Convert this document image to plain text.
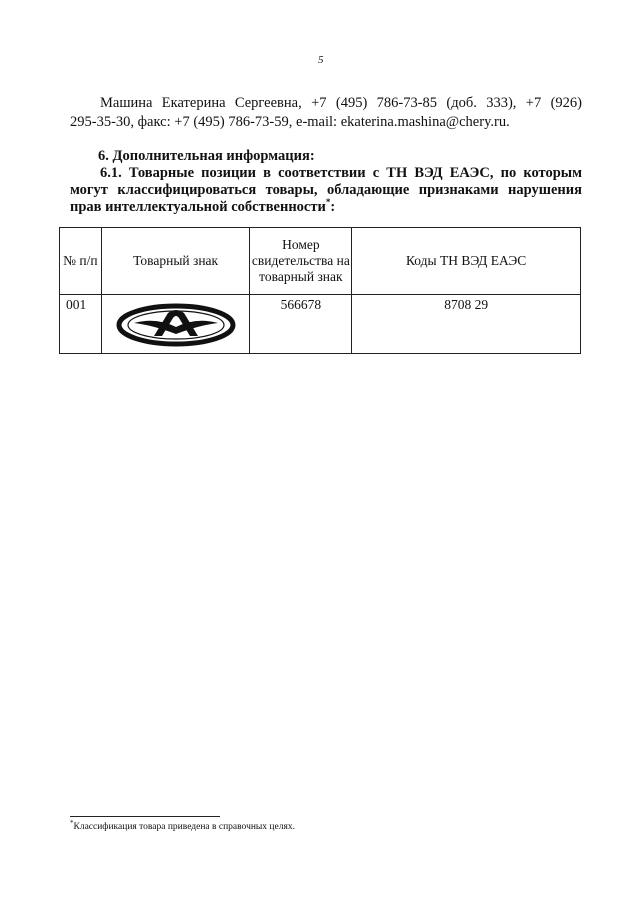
5
Машина Екатерина Сергеевна, +7 (495) 786-73-85 (доб. 333), +7 (926)
295-35-30, факс: +7 (495) 786-73-59, e-mail: ekaterina.mashina@chery.ru.
6. Дополнительная информация:
6.1. Товарные позиции в соответствии с ТН ВЭД ЕАЭС, по которым могут классифицироваться товары, обладающие признаками нарушения прав интеллектуальной собственности*:
№ п/п	Товарный знак	Номер свидетельства на товарный знак	Коды ТН ВЭД ЕАЭС
001		566678	8708 29
*Классификация товара приведена в справочных целях.
